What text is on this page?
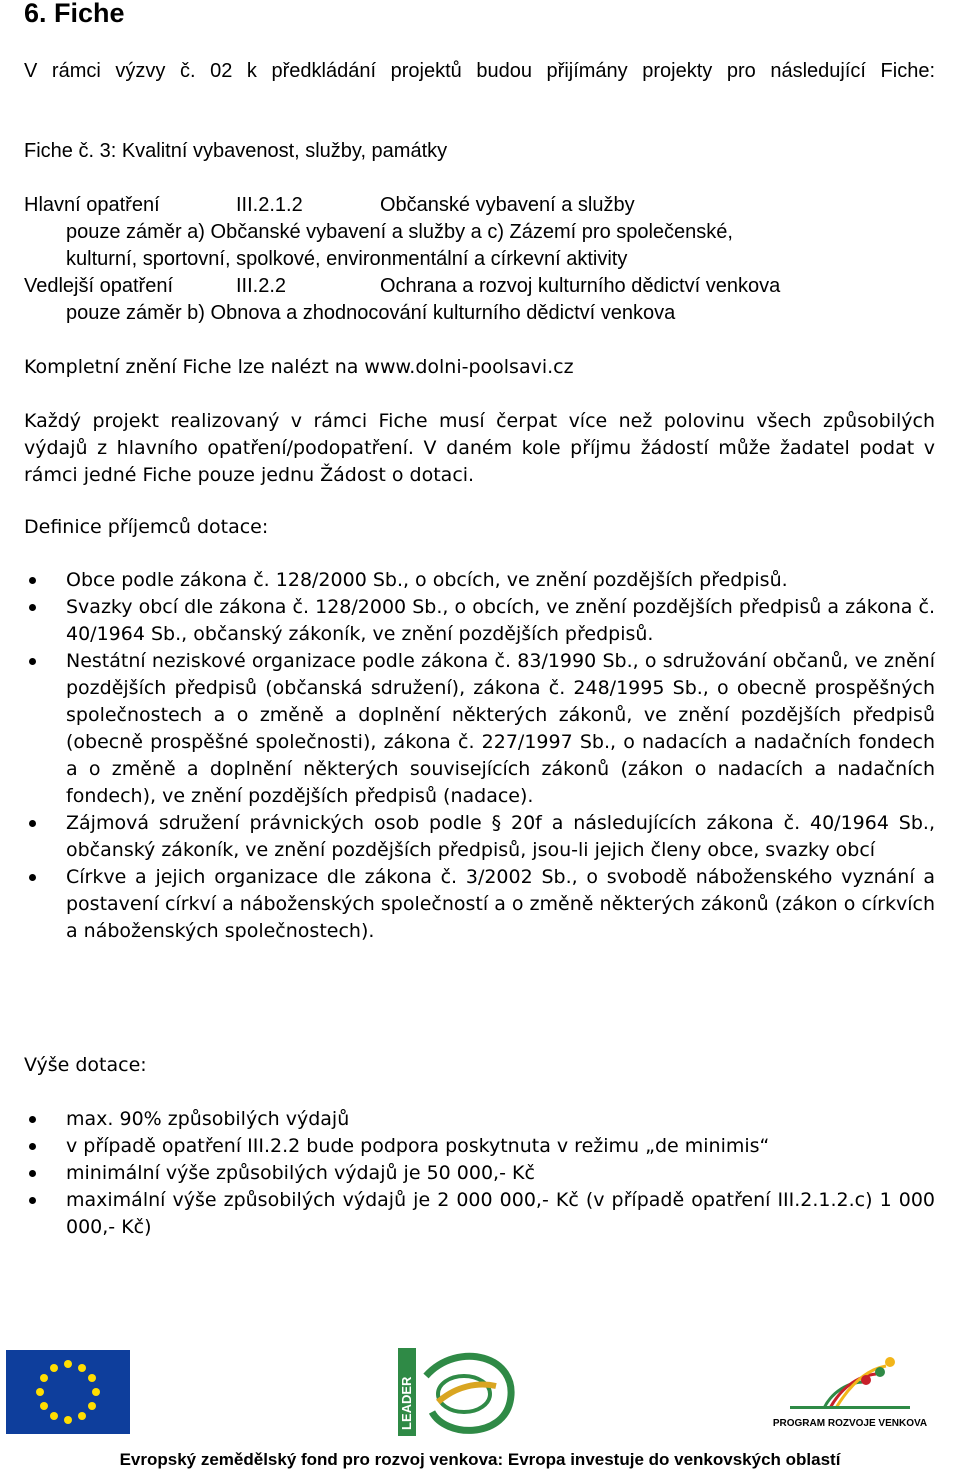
6. Fiche

V rámci výzvy č. 02 k předkládání projektů budou přijímány projekty pro následující Fiche:

Fiche č. 3: Kvalitní vybavenost, služby, památky

Hlavní opatření	III.2.1.2	Občanské vybavení a služby
pouze záměr a) Občanské vybavení a služby a c) Zázemí pro společenské,
kulturní, sportovní, spolkové, environmentální a církevní aktivity
Vedlejší opatření	III.2.2	Ochrana a rozvoj kulturního dědictví venkova
pouze záměr b) Obnova a zhodnocování kulturního dědictví venkova

Kompletní znění Fiche lze nalézt na www.dolni-poolsavi.cz

Každý projekt realizovaný v rámci Fiche musí čerpat více než polovinu všech způsobilých výdajů z hlavního opatření/podopatření. V daném kole příjmu žádostí může žadatel podat v rámci jedné Fiche pouze jednu Žádost o dotaci.

Definice příjemců dotace:

Obce podle zákona č. 128/2000 Sb., o obcích, ve znění pozdějších předpisů.
Svazky obcí dle zákona č. 128/2000 Sb., o obcích, ve znění pozdějších předpisů a zákona č. 40/1964 Sb., občanský zákoník, ve znění pozdějších předpisů.
Nestátní neziskové organizace podle zákona č. 83/1990 Sb., o sdružování občanů, ve znění pozdějších předpisů (občanská sdružení), zákona č. 248/1995 Sb., o obecně prospěšných společnostech a o změně a doplnění některých zákonů, ve znění pozdějších předpisů (obecně prospěšné společnosti), zákona č. 227/1997 Sb., o nadacích a nadačních fondech a o změně a doplnění některých souvisejících zákonů (zákon o nadacích a nadačních fondech), ve znění pozdějších předpisů (nadace).
Zájmová sdružení právnických osob podle § 20f a následujících zákona č. 40/1964 Sb., občanský zákoník, ve znění pozdějších předpisů, jsou-li jejich členy obce, svazky obcí
Církve a jejich organizace dle zákona č. 3/2002 Sb., o svobodě náboženského vyznání a postavení církví a náboženských společností a o změně některých zákonů (zákon o církvích a náboženských společnostech).

Výše dotace:

max. 90% způsobilých výdajů
v případě opatření III.2.2 bude podpora poskytnuta v režimu „de minimis“
minimální výše způsobilých výdajů je 50 000,- Kč
maximální výše způsobilých výdajů je 2 000 000,- Kč (v případě opatření III.2.1.2.c) 1 000 000,- Kč)
LEADER	PROGRAM ROZVOJE VENKOVA
Evropský zemědělský fond pro rozvoj venkova: Evropa investuje do venkovských oblastí
